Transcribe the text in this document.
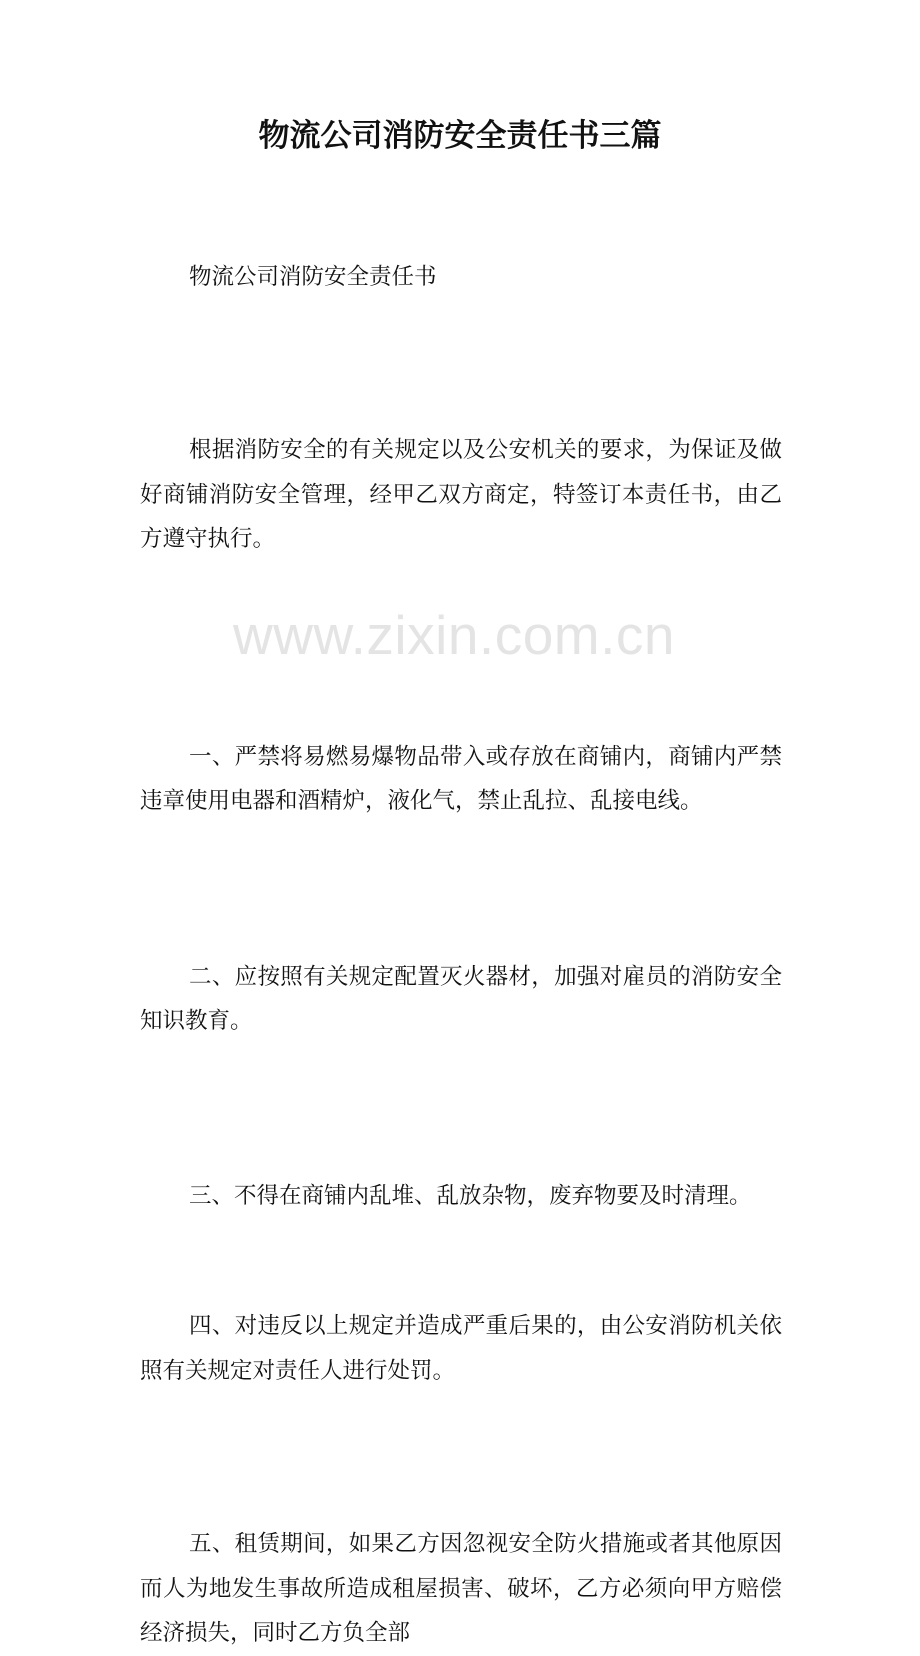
www.zixin.com.cn
物流公司消防安全责任书三篇

物流公司消防安全责任书

根据消防安全的有关规定以及公安机关的要求，为保证及做好商铺消防安全管理，经甲乙双方商定，特签订本责任书，由乙方遵守执行。

一、严禁将易燃易爆物品带入或存放在商铺内，商铺内严禁违章使用电器和酒精炉，液化气，禁止乱拉、乱接电线。

二、应按照有关规定配置灭火器材，加强对雇员的消防安全知识教育。

三、不得在商铺内乱堆、乱放杂物，废弃物要及时清理。

四、对违反以上规定并造成严重后果的，由公安消防机关依照有关规定对责任人进行处罚。

五、租赁期间，如果乙方因忽视安全防火措施或者其他原因而人为地发生事故所造成租屋损害、破坏，乙方必须向甲方赔偿经济损失，同时乙方负全部
